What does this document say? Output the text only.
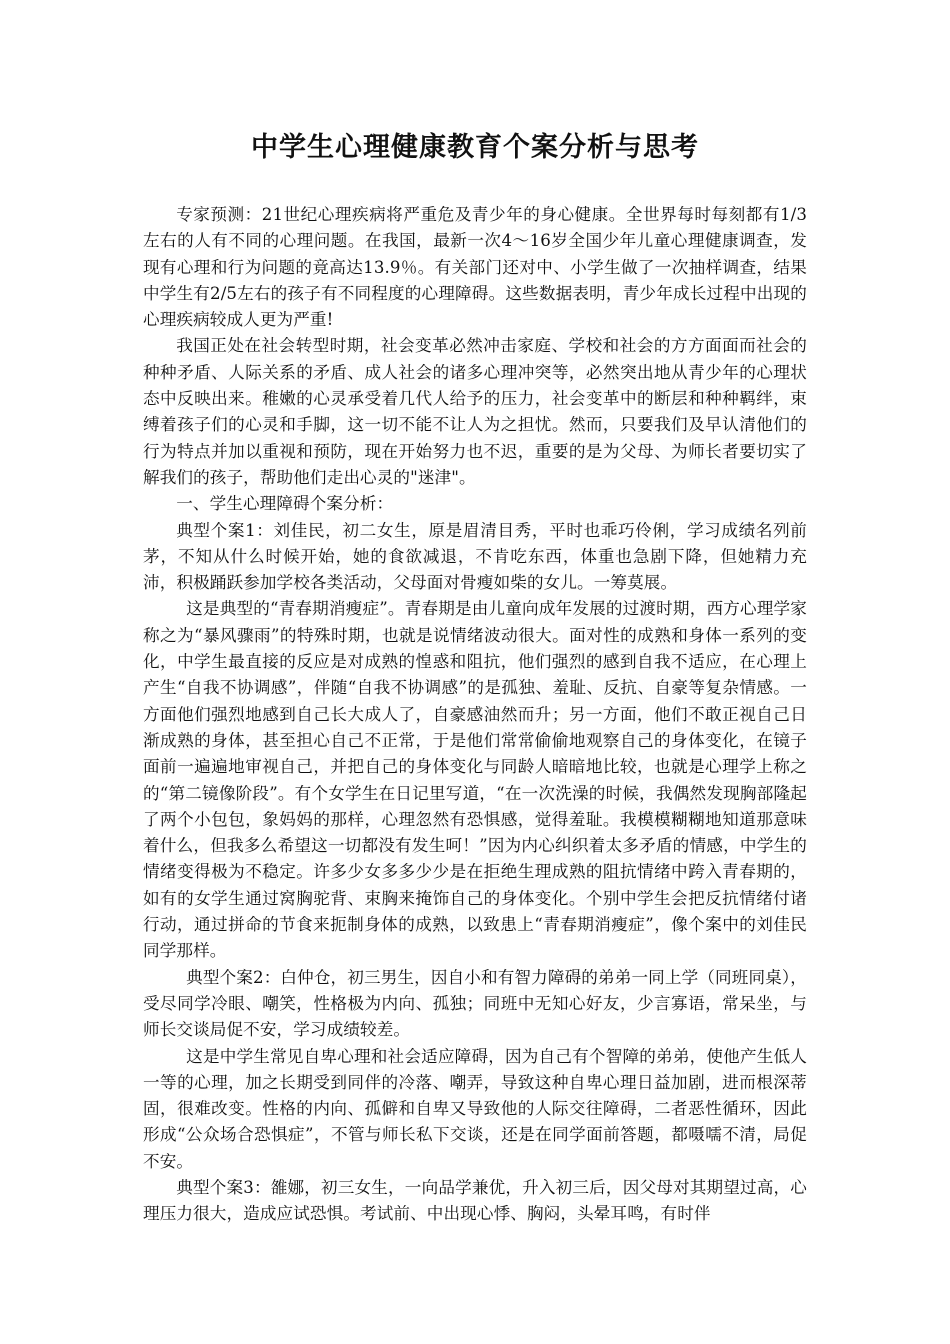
中学生心理健康教育个案分析与思考

专家预测：21世纪心理疾病将严重危及青少年的身心健康。全世界每时每刻都有1/3左右的人有不同的心理问题。在我国，最新一次4～16岁全国少年儿童心理健康调查，发现有心理和行为问题的竟高达13.9％。有关部门还对中、小学生做了一次抽样调查，结果中学生有2/5左右的孩子有不同程度的心理障碍。这些数据表明，青少年成长过程中出现的心理疾病较成人更为严重!

我国正处在社会转型时期，社会变革必然冲击家庭、学校和社会的方方面面而社会的种种矛盾、人际关系的矛盾、成人社会的诸多心理冲突等，必然突出地从青少年的心理状态中反映出来。稚嫩的心灵承受着几代人给予的压力，社会变革中的断层和种种羁绊，束缚着孩子们的心灵和手脚，这一切不能不让人为之担忧。然而，只要我们及早认清他们的行为特点并加以重视和预防，现在开始努力也不迟，重要的是为父母、为师长者要切实了解我们的孩子，帮助他们走出心灵的"迷津"。

一、学生心理障碍个案分析：

典型个案1：刘佳民，初二女生，原是眉清目秀，平时也乖巧伶俐，学习成绩名列前茅，不知从什么时候开始，她的食欲减退，不肯吃东西，体重也急剧下降，但她精力充沛，积极踊跃参加学校各类活动，父母面对骨瘦如柴的女儿。一筹莫展。

这是典型的“青春期消瘦症”。青春期是由儿童向成年发展的过渡时期，西方心理学家称之为“暴风骤雨”的特殊时期，也就是说情绪波动很大。面对性的成熟和身体一系列的变化，中学生最直接的反应是对成熟的惶惑和阻抗，他们强烈的感到自我不适应，在心理上产生“自我不协调感”，伴随“自我不协调感”的是孤独、羞耻、反抗、自豪等复杂情感。一方面他们强烈地感到自己长大成人了，自豪感油然而升；另一方面，他们不敢正视自己日渐成熟的身体，甚至担心自己不正常，于是他们常常偷偷地观察自己的身体变化，在镜子面前一遍遍地审视自己，并把自己的身体变化与同龄人暗暗地比较，也就是心理学上称之的“第二镜像阶段”。有个女学生在日记里写道，“在一次洗澡的时候，我偶然发现胸部隆起了两个小包包，象妈妈的那样，心理忽然有恐惧感，觉得羞耻。我模模糊糊地知道那意味着什么，但我多么希望这一切都没有发生呵！”因为内心纠织着太多矛盾的情感，中学生的情绪变得极为不稳定。许多少女多多少少是在拒绝生理成熟的阻抗情绪中跨入青春期的，如有的女学生通过窝胸驼背、束胸来掩饰自己的身体变化。个别中学生会把反抗情绪付诸行动，通过拼命的节食来扼制身体的成熟，以致患上“青春期消瘦症”，像个案中的刘佳民同学那样。

典型个案2：白仲仓，初三男生，因自小和有智力障碍的弟弟一同上学（同班同桌），受尽同学冷眼、嘲笑，性格极为内向、孤独；同班中无知心好友，少言寡语，常呆坐，与师长交谈局促不安，学习成绩较差。

这是中学生常见自卑心理和社会适应障碍，因为自己有个智障的弟弟，使他产生低人一等的心理，加之长期受到同伴的冷落、嘲弄，导致这种自卑心理日益加剧，进而根深蒂固，很难改变。性格的内向、孤僻和自卑又导致他的人际交往障碍，二者恶性循环，因此形成“公众场合恐惧症”，不管与师长私下交谈，还是在同学面前答题，都嗫嚅不清，局促不安。

典型个案3：雒娜，初三女生，一向品学兼优，升入初三后，因父母对其期望过高，心理压力很大，造成应试恐惧。考试前、中出现心悸、胸闷，头晕耳鸣，有时伴
